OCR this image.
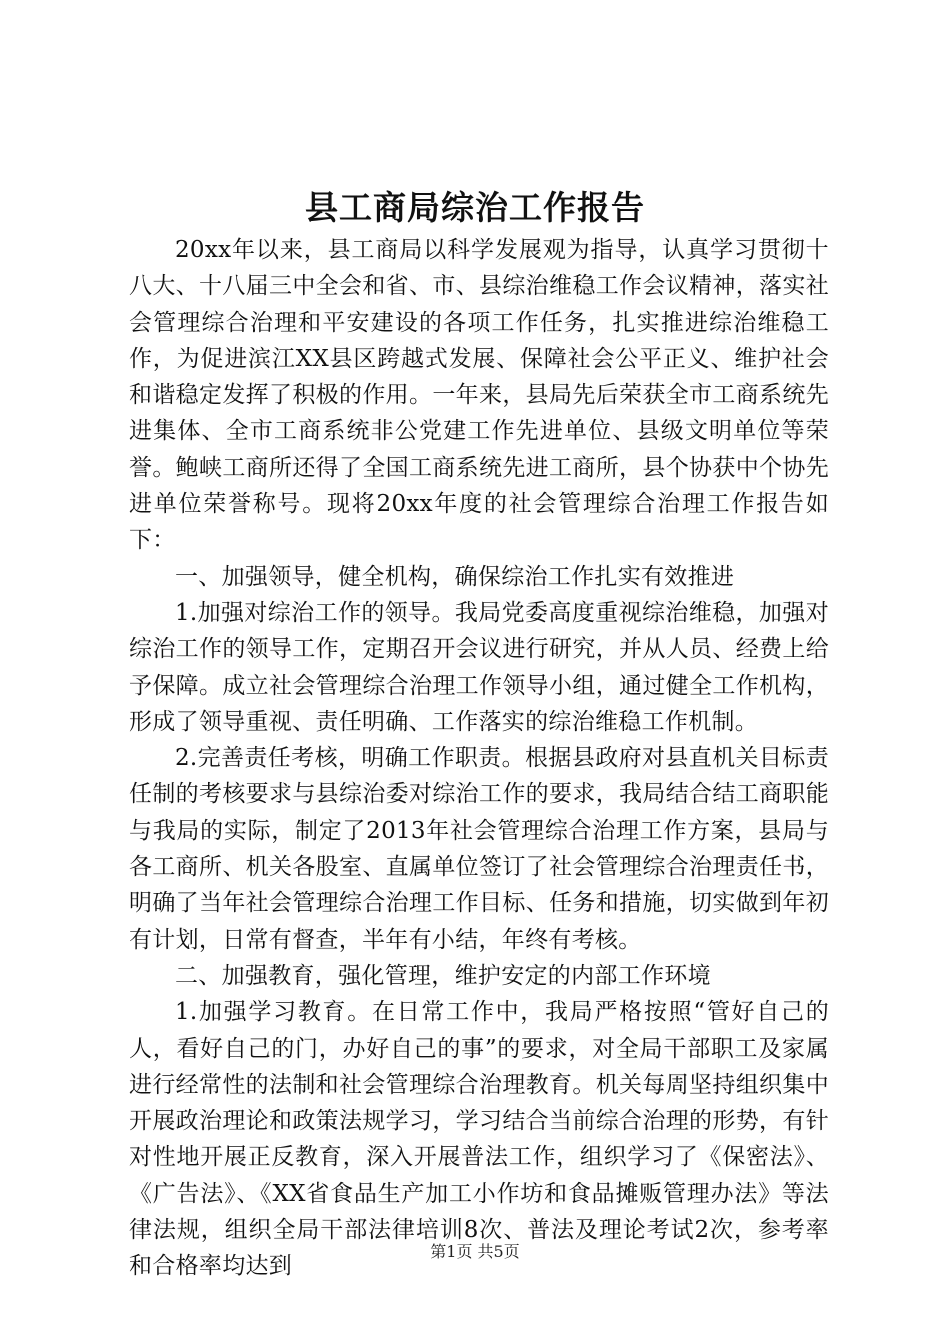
县工商局综治工作报告

20xx年以来，县工商局以科学发展观为指导，认真学习贯彻十八大、十八届三中全会和省、市、县综治维稳工作会议精神，落实社会管理综合治理和平安建设的各项工作任务，扎实推进综治维稳工作，为促进滨江XX县区跨越式发展、保障社会公平正义、维护社会和谐稳定发挥了积极的作用。一年来，县局先后荣获全市工商系统先进集体、全市工商系统非公党建工作先进单位、县级文明单位等荣誉。鲍峡工商所还得了全国工商系统先进工商所，县个协获中个协先进单位荣誉称号。现将20xx年度的社会管理综合治理工作报告如下：

一、加强领导，健全机构，确保综治工作扎实有效推进

1.加强对综治工作的领导。我局党委高度重视综治维稳，加强对综治工作的领导工作，定期召开会议进行研究，并从人员、经费上给予保障。成立社会管理综合治理工作领导小组，通过健全工作机构，形成了领导重视、责任明确、工作落实的综治维稳工作机制。

2.完善责任考核，明确工作职责。根据县政府对县直机关目标责任制的考核要求与县综治委对综治工作的要求，我局结合结工商职能与我局的实际，制定了2013年社会管理综合治理工作方案，县局与各工商所、机关各股室、直属单位签订了社会管理综合治理责任书，明确了当年社会管理综合治理工作目标、任务和措施，切实做到年初有计划，日常有督查，半年有小结，年终有考核。

二、加强教育，强化管理，维护安定的内部工作环境

1.加强学习教育。在日常工作中，我局严格按照“管好自己的人，看好自己的门，办好自己的事”的要求，对全局干部职工及家属进行经常性的法制和社会管理综合治理教育。机关每周坚持组织集中开展政治理论和政策法规学习，学习结合当前综合治理的形势，有针对性地开展正反教育，深入开展普法工作，组织学习了《保密法》、《广告法》、《XX省食品生产加工小作坊和食品摊贩管理办法》等法律法规，组织全局干部法律培训8次、普法及理论考试2次，参考率和合格率均达到

第1页 共5页
